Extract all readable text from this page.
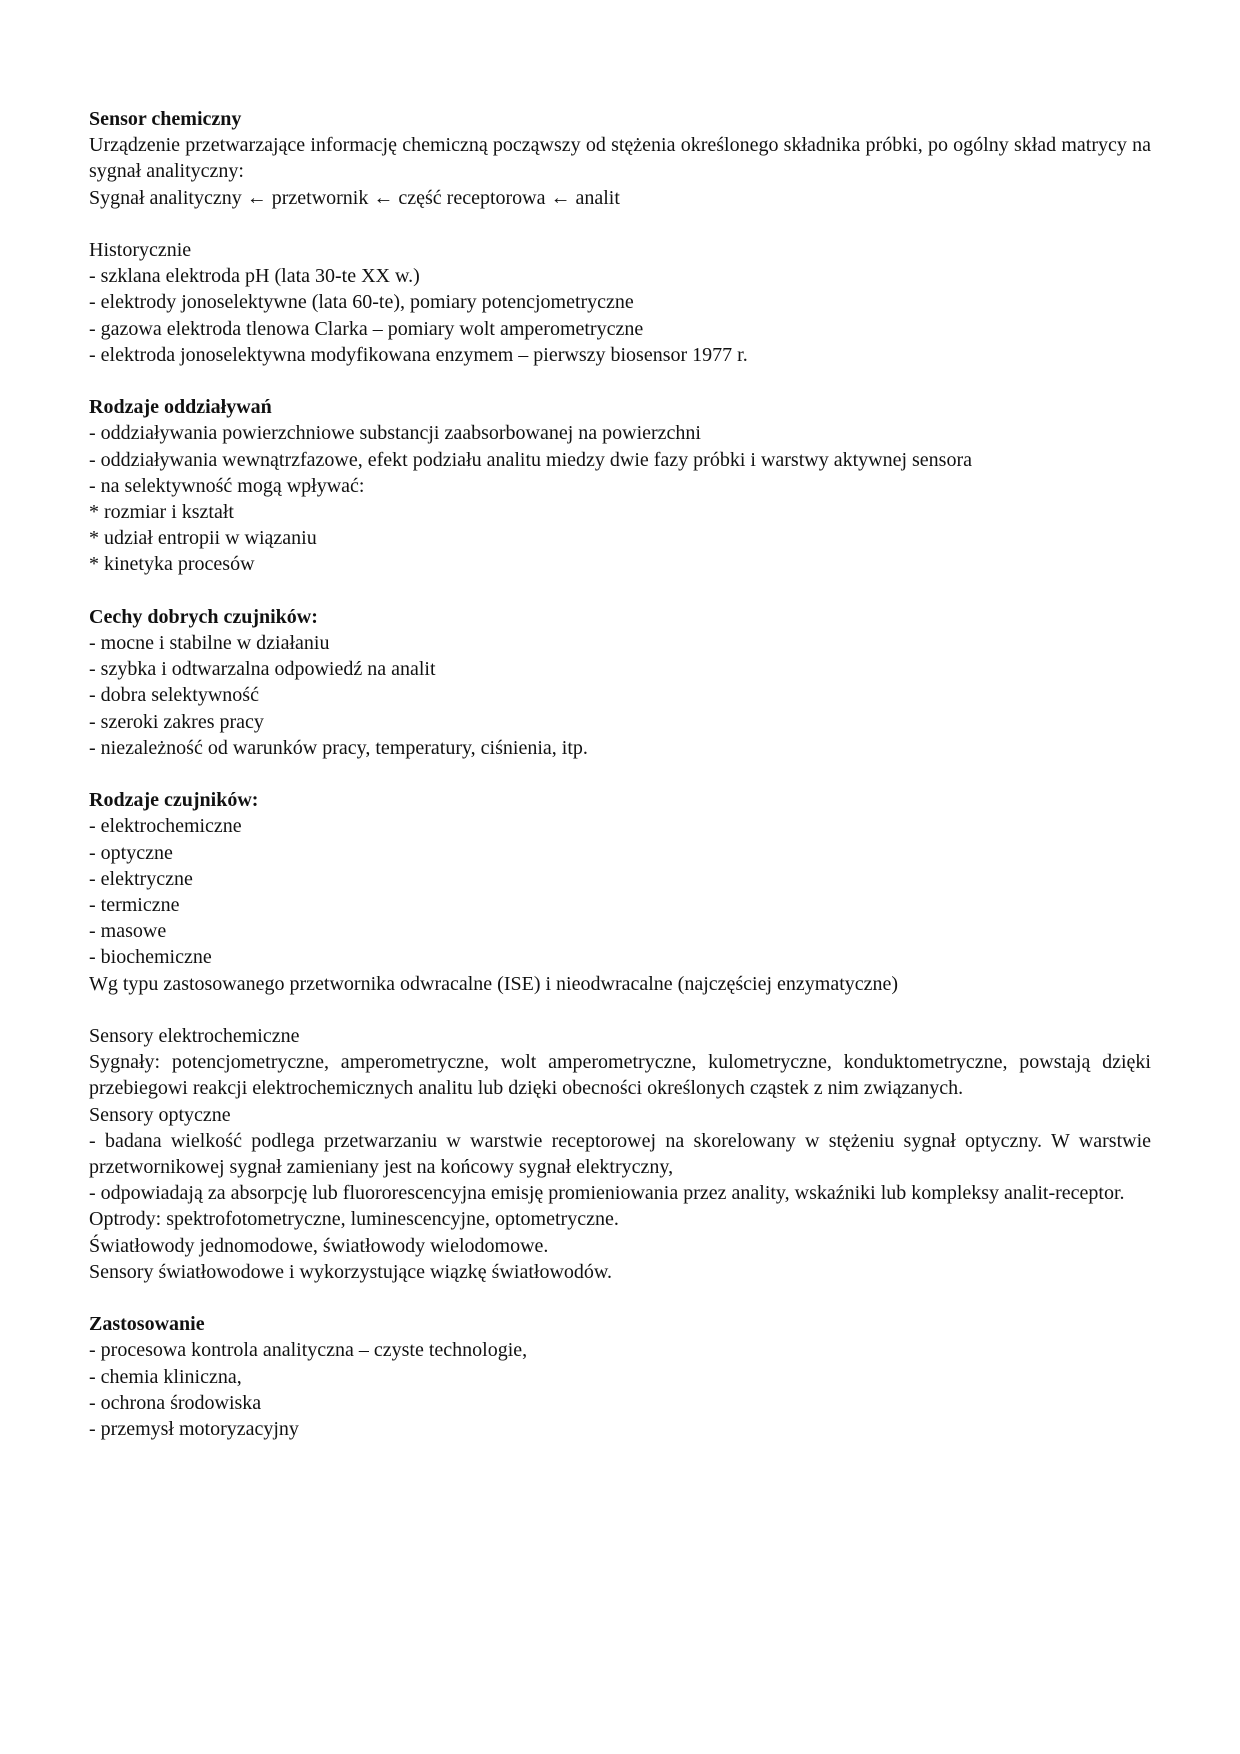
Sensor chemiczny
Urządzenie przetwarzające informację chemiczną począwszy od stężenia określonego składnika próbki, po ogólny skład matrycy na sygnał analityczny:
Sygnał analityczny ← przetwornik ← część receptorowa ← analit
Historycznie
- szklana elektroda pH (lata 30-te XX w.)
- elektrody jonoselektywne (lata 60-te), pomiary potencjometryczne
- gazowa elektroda tlenowa Clarka – pomiary wolt amperometryczne
- elektroda jonoselektywna modyfikowana enzymem – pierwszy biosensor 1977 r.
Rodzaje oddziaływań
- oddziaływania powierzchniowe substancji zaabsorbowanej na powierzchni
- oddziaływania wewnątrzfazowe, efekt podziału analitu miedzy dwie fazy próbki i warstwy aktywnej sensora
- na selektywność mogą wpływać:
* rozmiar i kształt
* udział entropii w wiązaniu
* kinetyka procesów
Cechy dobrych czujników:
- mocne i stabilne w działaniu
- szybka i odtwarzalna odpowiedź na analit
- dobra selektywność
- szeroki zakres pracy
- niezależność od warunków pracy, temperatury, ciśnienia, itp.
Rodzaje czujników:
- elektrochemiczne
- optyczne
- elektryczne
- termiczne
- masowe
- biochemiczne
Wg typu zastosowanego przetwornika odwracalne (ISE) i nieodwracalne (najczęściej enzymatyczne)
Sensory elektrochemiczne
Sygnały: potencjometryczne, amperometryczne, wolt amperometryczne, kulometryczne, konduktometryczne, powstają dzięki przebiegowi reakcji elektrochemicznych analitu lub dzięki obecności określonych cząstek z nim związanych.
Sensory optyczne
- badana wielkość podlega przetwarzaniu w warstwie receptorowej na skorelowany w stężeniu sygnał optyczny. W warstwie przetwornikowej sygnał zamieniany jest na końcowy sygnał elektryczny,
- odpowiadają za absorpcję lub fluororescencyjna emisję promieniowania przez anality, wskaźniki lub kompleksy analit-receptor.
Optrody: spektrofotometryczne, luminescencyjne, optometryczne.
Światłowody jednomodowe, światłowody wielodomowe.
Sensory światłowodowe i wykorzystujące wiązkę światłowodów.
Zastosowanie
- procesowa kontrola analityczna – czyste technologie,
- chemia kliniczna,
- ochrona środowiska
- przemysł motoryzacyjny
